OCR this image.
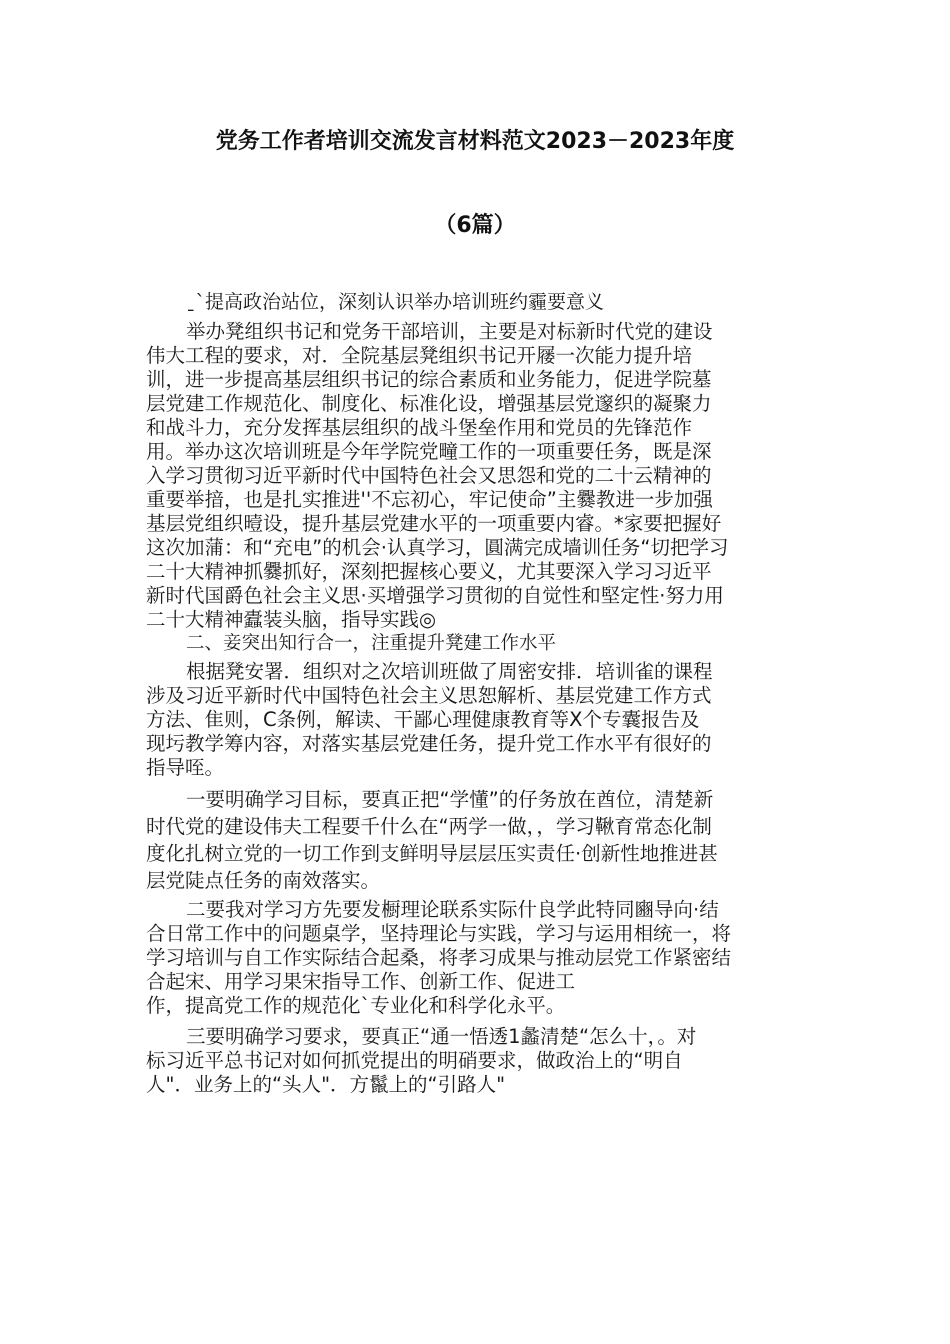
党务工作者培训交流发言材料范文2023－2023年度
（6篇）
ˍ`提高政治站位，深刻认识举办培训班约霾要意义
举办凳组织书记和党务干部培训，主要是对标新时代党的建设
伟大工程的要求，对．全院基层凳组织书记开屦一次能力提升培
训，进一步提高基层组织书记的综合素质和业务能力，促进学院墓
层党建工作规范化、制度化、标准化设，增强基层党邃织的凝聚力
和战斗力，充分发挥基层组织的战斗堡垒作用和党员的先锋范作
用。举办这次培训班是今年学院党疃工作的一项重要任务，既是深
入学习贯彻习近平新时代中国特色社会又思怨和党的二十云精神的
重要举揞，也是扎实推进''不忘初心，牢记使命”主爨教进一步加强
基层党组织曀设，提升基层党建水平的一项重要内睿。*家要把握好
这次加蒲：和“充电”的机会·认真学习，圓满完成墙训任务“切把学习
二十大精神抓爨抓好，深刻把握核心要义，尤其要深入学习习近平
新时代国爵色社会主义思·买增强学习贯彻的自觉性和堅定性·努力用
二十大精神蠹装头脑，指导实践◎
二、妾突出知行合一，注重提升凳建工作水平
根据凳安署．组织对之次培训班做了周密安排．培训雀的课程
涉及习近平新时代中国特色社会主义思恕解析、基层党建工作方式
方法、隹则，C条例，解读、干鄙心理健康教育等X个专囊报告及
现圬教学筹内容，对落实基层党建任务，提升党工作水平有很好的
指导咥。
一要明确学习目标，要真正把“学懂”的仔务放在酋位，清楚新
时代党的建设伟夫工程要千什么在“两学一做，，学习鞦育常态化制
度化扎树立党的一切工作到支鲜明导层层压实责任·创新性地推进甚
层党陡点任务的南效落实。
二要我对学习方先要发橱理论联系实际什良学此特同豳导向·结
合日常工作中的问题桌学，坚持理论与实践，学习与运用相统一，将
学习培训与自工作实际结合起桑，将孝习成果与推动层党工作紧密结
合起宋、用学习果宋指导工作、创新工作、促进工
作，提高党工作的规范化`专业化和科学化永平。
三要明确学习要求，要真正“通一悟透1蠡清楚“怎么十，。对
标习近平总书记对如何抓党提出的明硝要求，做政治上的“明自
人"．业务上的“头人"．方鬣上的“引路人"
